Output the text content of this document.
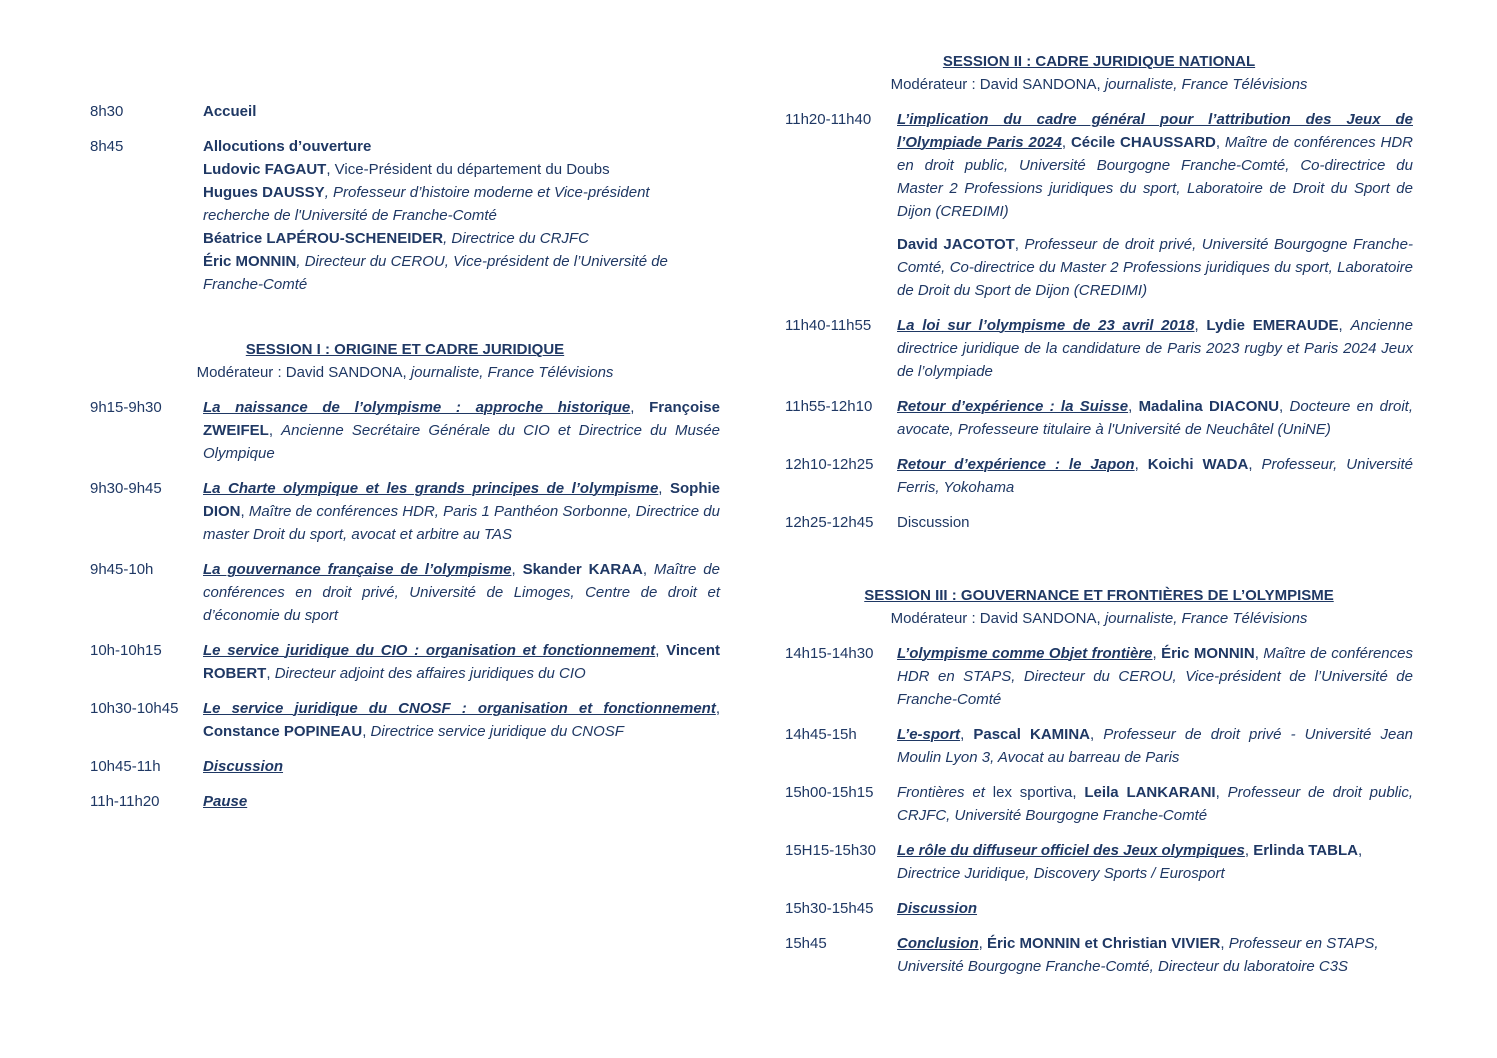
8h30	Accueil
8h45	Allocutions d’ouverture
Ludovic FAGAUT, Vice-Président du département du Doubs
Hugues DAUSSY, Professeur d’histoire moderne et Vice-président recherche de l'Université de Franche-Comté
Béatrice LAPÉROU-SCHENEIDER, Directrice du CRJFC
Éric MONNIN, Directeur du CEROU, Vice-président de l’Université de Franche-Comté
SESSION I : ORIGINE ET CADRE JURIDIQUE
Modérateur : David SANDONA, journaliste, France Télévisions
9h15-9h30	La naissance de l’olympisme : approche historique, Françoise ZWEIFEL, Ancienne Secrétaire Générale du CIO et Directrice du Musée Olympique
9h30-9h45	La Charte olympique et les grands principes de l’olympisme, Sophie DION, Maître de conférences HDR, Paris 1 Panthéon Sorbonne, Directrice du master Droit du sport, avocat et arbitre au TAS
9h45-10h	La gouvernance française de l’olympisme, Skander KARAA, Maître de conférences en droit privé, Université de Limoges, Centre de droit et d’économie du sport
10h-10h15	Le service juridique du CIO : organisation et fonctionnement, Vincent ROBERT, Directeur adjoint des affaires juridiques du CIO
10h30-10h45	Le service juridique du CNOSF : organisation et fonctionnement, Constance POPINEAU, Directrice service juridique du CNOSF
10h45-11h	Discussion
11h-11h20	Pause
SESSION II : CADRE JURIDIQUE NATIONAL
Modérateur : David SANDONA, journaliste, France Télévisions
11h20-11h40	L’implication du cadre général pour l’attribution des Jeux de l’Olympiade Paris 2024, Cécile CHAUSSARD, Maître de conférences HDR en droit public, Université Bourgogne Franche-Comté, Co-directrice du Master 2 Professions juridiques du sport, Laboratoire de Droit du Sport de Dijon (CREDIMI)
David JACOTOT, Professeur de droit privé, Université Bourgogne Franche-Comté, Co-directrice du Master 2 Professions juridiques du sport, Laboratoire de Droit du Sport de Dijon (CREDIMI)
11h40-11h55	La loi sur l’olympisme de 23 avril 2018, Lydie EMERAUDE, Ancienne directrice juridique de la candidature de Paris 2023 rugby et Paris 2024 Jeux de l’olympiade
11h55-12h10	Retour d’expérience : la Suisse, Madalina DIACONU, Docteure en droit, avocate, Professeure titulaire à l'Université de Neuchâtel (UniNE)
12h10-12h25	Retour d’expérience : le Japon, Koichi WADA, Professeur, Université Ferris, Yokohama
12h25-12h45	Discussion
SESSION III : GOUVERNANCE ET FRONTIÈRES DE L’OLYMPISME
Modérateur : David SANDONA, journaliste, France Télévisions
14h15-14h30	L’olympisme comme Objet frontière, Éric MONNIN, Maître de conférences HDR en STAPS, Directeur du CEROU, Vice-président de l’Université de Franche-Comté
14h45-15h	L’e-sport, Pascal KAMINA, Professeur de droit privé - Université Jean Moulin Lyon 3, Avocat au barreau de Paris
15h00-15h15	Frontières et lex sportiva, Leila LANKARANI, Professeur de droit public, CRJFC, Université Bourgogne Franche-Comté
15H15-15h30	Le rôle du diffuseur officiel des Jeux olympiques, Erlinda TABLA, Directrice Juridique, Discovery Sports / Eurosport
15h30-15h45	Discussion
15h45	Conclusion, Éric MONNIN et Christian VIVIER, Professeur en STAPS, Université Bourgogne Franche-Comté, Directeur du laboratoire C3S
